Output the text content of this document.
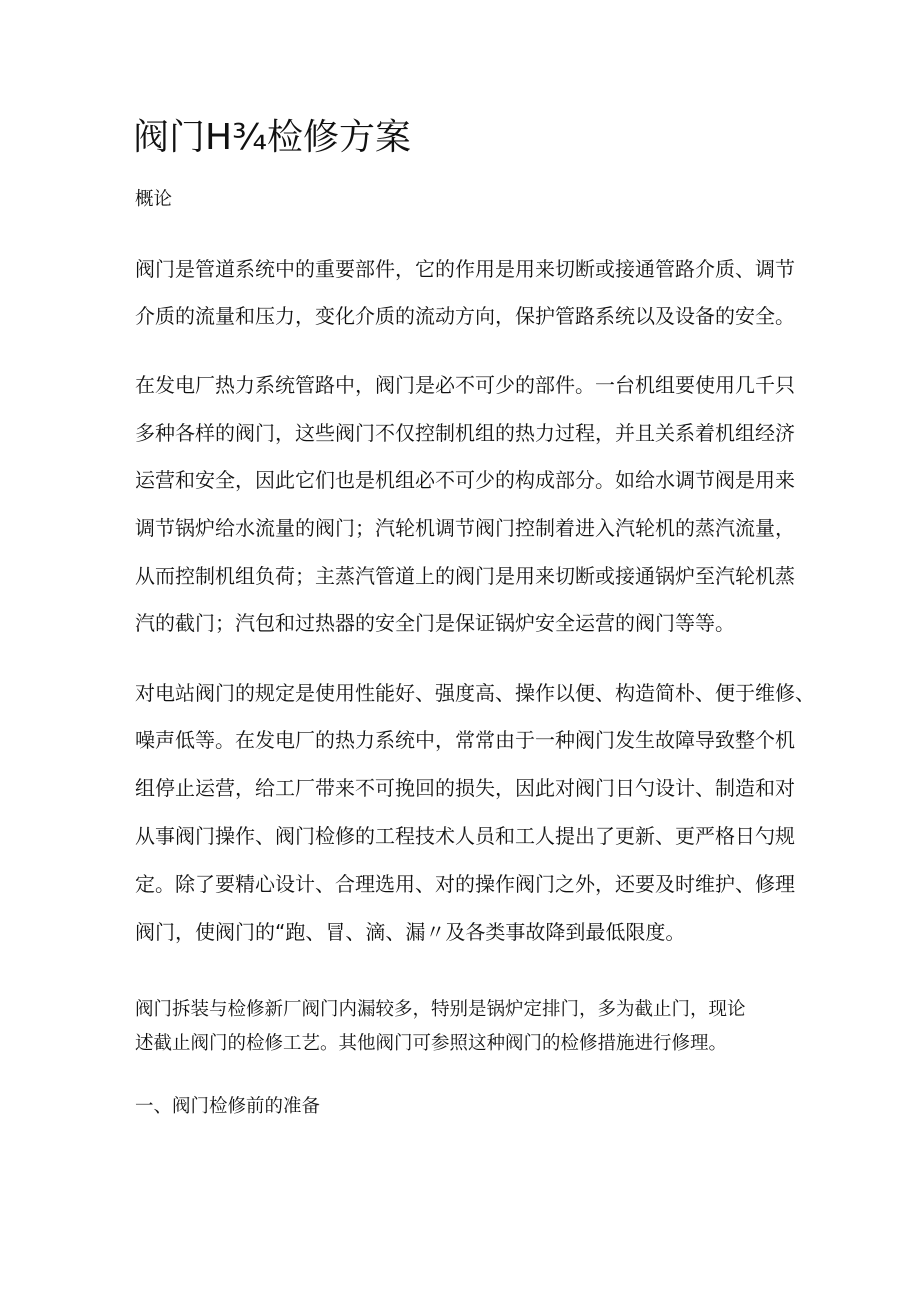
阀门H¾检修方案

概论

阀门是管道系统中的重要部件，它的作用是用来切断或接通管路介质、调节

介质的流量和压力，变化介质的流动方向，保护管路系统以及设备的安全。

在发电厂热力系统管路中，阀门是必不可少的部件。一台机组要使用几千只

多种各样的阀门，这些阀门不仅控制机组的热力过程，并且关系着机组经济

运营和安全，因此它们也是机组必不可少的构成部分。如给水调节阀是用来

调节锅炉给水流量的阀门；汽轮机调节阀门控制着进入汽轮机的蒸汽流量，

从而控制机组负荷；主蒸汽管道上的阀门是用来切断或接通锅炉至汽轮机蒸

汽的截门；汽包和过热器的安全门是保证锅炉安全运营的阀门等等。

对电站阀门的规定是使用性能好、强度高、操作以便、构造简朴、便于维修、

噪声低等。在发电厂的热力系统中，常常由于一种阀门发生故障导致整个机

组停止运营，给工厂带来不可挽回的损失，因此对阀门日勺设计、制造和对

从事阀门操作、阀门检修的工程技术人员和工人提出了更新、更严格日勺规

定。除了要精心设计、合理选用、对的操作阀门之外，还要及时维护、修理

阀门，使阀门的“跑、冒、滴、漏〃及各类事故降到最低限度。

阀门拆装与检修新厂阀门内漏较多，特别是锅炉定排门，多为截止门，现论

述截止阀门的检修工艺。其他阀门可参照这种阀门的检修措施进行修理。

一、阀门检修前的准备
